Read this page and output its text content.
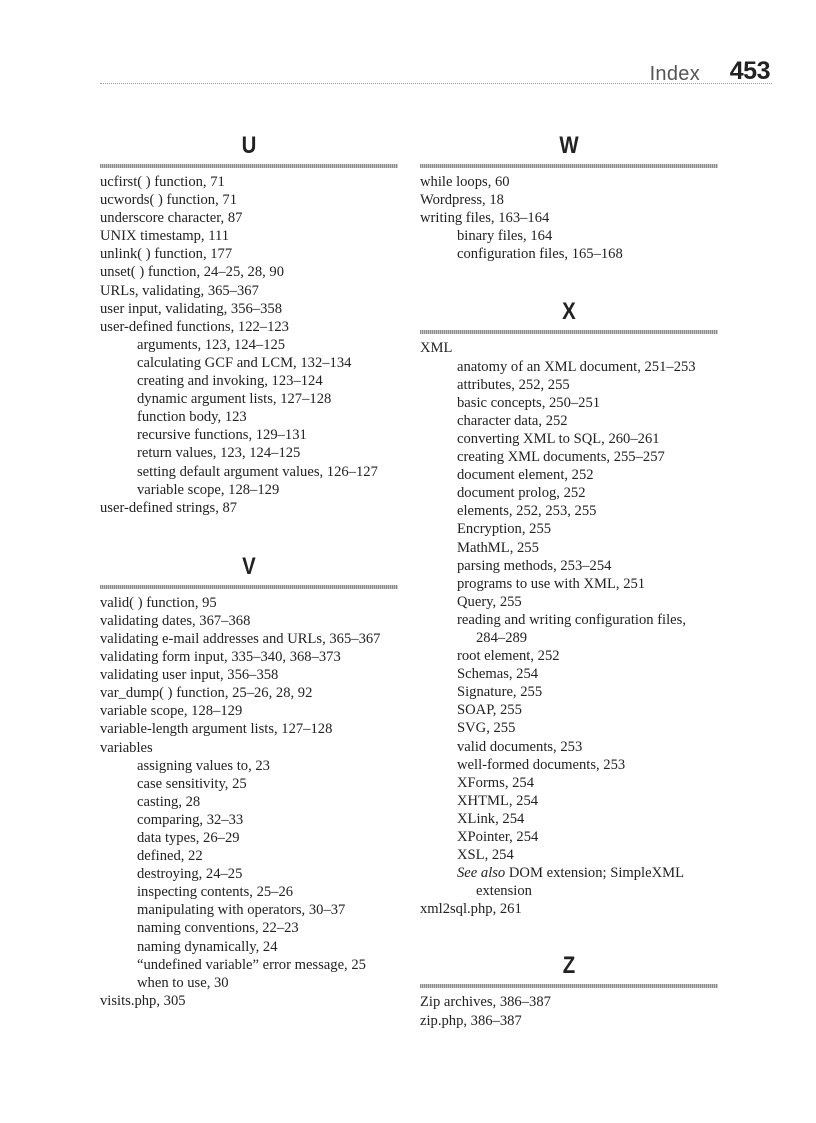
Index 453
U
ucfirst( ) function, 71
ucwords( ) function, 71
underscore character, 87
UNIX timestamp, 111
unlink( ) function, 177
unset( ) function, 24–25, 28, 90
URLs, validating, 365–367
user input, validating, 356–358
user-defined functions, 122–123
arguments, 123, 124–125
calculating GCF and LCM, 132–134
creating and invoking, 123–124
dynamic argument lists, 127–128
function body, 123
recursive functions, 129–131
return values, 123, 124–125
setting default argument values, 126–127
variable scope, 128–129
user-defined strings, 87
V
valid( ) function, 95
validating dates, 367–368
validating e-mail addresses and URLs, 365–367
validating form input, 335–340, 368–373
validating user input, 356–358
var_dump( ) function, 25–26, 28, 92
variable scope, 128–129
variable-length argument lists, 127–128
variables
assigning values to, 23
case sensitivity, 25
casting, 28
comparing, 32–33
data types, 26–29
defined, 22
destroying, 24–25
inspecting contents, 25–26
manipulating with operators, 30–37
naming conventions, 22–23
naming dynamically, 24
“undefined variable” error message, 25
when to use, 30
visits.php, 305
W
while loops, 60
Wordpress, 18
writing files, 163–164
binary files, 164
configuration files, 165–168
X
XML
anatomy of an XML document, 251–253
attributes, 252, 255
basic concepts, 250–251
character data, 252
converting XML to SQL, 260–261
creating XML documents, 255–257
document element, 252
document prolog, 252
elements, 252, 253, 255
Encryption, 255
MathML, 255
parsing methods, 253–254
programs to use with XML, 251
Query, 255
reading and writing configuration files,
284–289
root element, 252
Schemas, 254
Signature, 255
SOAP, 255
SVG, 255
valid documents, 253
well-formed documents, 253
XForms, 254
XHTML, 254
XLink, 254
XPointer, 254
XSL, 254
See also DOM extension; SimpleXML
extension
xml2sql.php, 261
Z
Zip archives, 386–387
zip.php, 386–387
